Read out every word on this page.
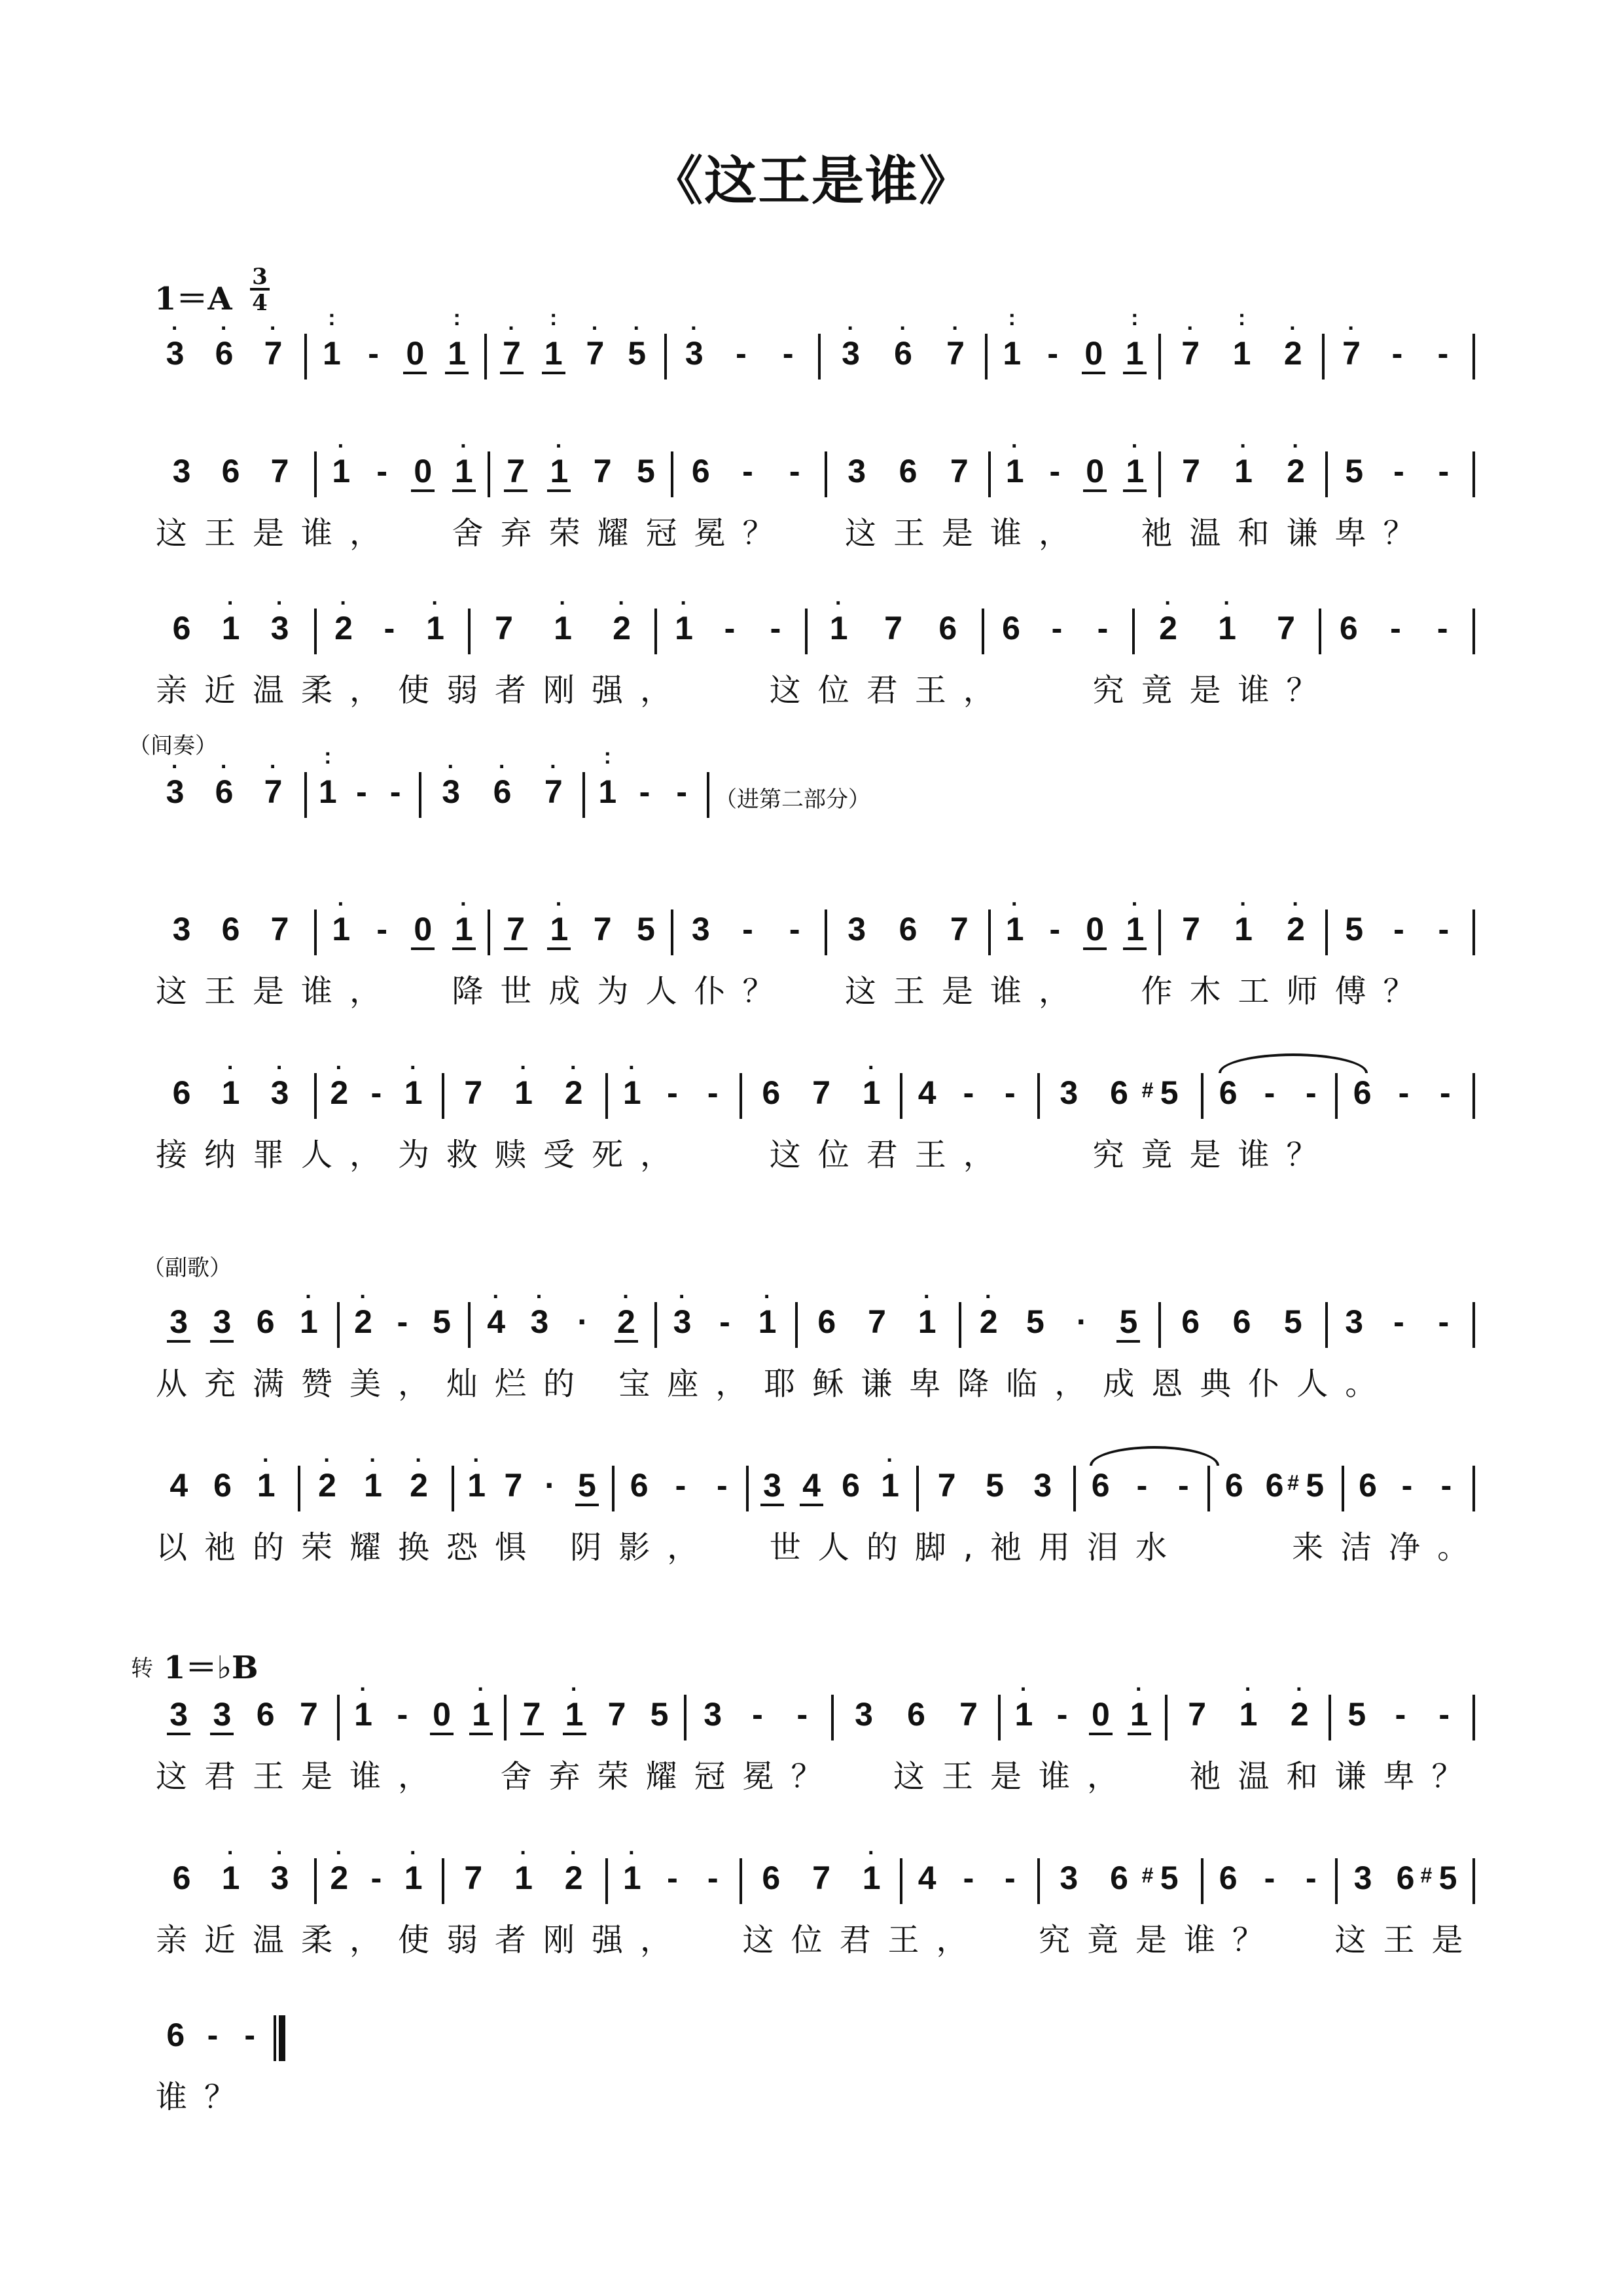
《这王是谁》
1＝A
3
4
3
·
6
·
7
·
1
:
- 0 1
:
7
·
1
:
7
·
5
·
3
·
- - 3
·
6
·
7
·
1
:
- 0 1
:
7
·
1
:
2
·
7
·
- -
3 6 7 1
·
- 0 1
·
7 1
·
7 5 6 - - 3 6 7 1
·
- 0 1
·
7 1
·
2
·
5 - -
这王是谁，  舍弃荣耀冠冕？  这王是谁，  祂温和谦卑？
6 1
·
3
·
2
·
- 1
·
7 1
·
2
·
1
·
- - 1
·
7 6 6 - - 2
·
1
·
7 6 - -
亲近温柔，使弱者刚强，   这位君王，   究竟是谁？
（间奏）
3
·
6
·
7
·
1
:
- - 3
·
6
·
7
·
1
:
- -	（进第二部分）
3 6 7 1
·
- 0 1
·
7 1
·
7 5 3 - - 3 6 7 1
·
- 0 1
·
7 1
·
2
·
5 - -
这王是谁，  降世成为人仆？  这王是谁，  作木工师傅？
6 1
·
3
·
2
·
- 1
·
7 1
·
2
·
1
·
- - 6 7 1
·
4 - - 3 6 # 5 6 - - 6 - -
接纳罪人，为救赎受死，   这位君王，   究竟是谁？
（副歌）
3 3 6 1
·
2
·
- 5 4
·
3
·
· 2
·
3
·
- 1
·
6 7 1
·
2
·
5 · 5 6 6 5 3 - -
从充满赞美，灿烂的 宝座，耶稣谦卑降临，成恩典仆人。
4 6 1
·
2
·
1
·
2
·
1
·
7 · 5 6 - - 3 4 6 1
·
7 5 3 6 - - 6 6 # 5 6 - -
以祂的荣耀换恐惧 阴影，  世人的脚,祂用泪水    来洁净。
转 1＝♭B
3 3 6 7 1
·
- 0 1
·
7 1
·
7 5 3 - - 3 6 7 1
·
- 0 1
·
7 1
·
2
·
5 - -
这君王是谁，  舍弃荣耀冠冕？  这王是谁，  祂温和谦卑？
6 1
·
3
·
2
·
- 1
·
7 1
·
2
·
1
·
- - 6 7 1
·
4 - - 3 6 # 5 6 - - 3 6 # 5
亲近温柔，使弱者刚强，  这位君王，  究竟是谁？  这王是
6 - -
谁？
